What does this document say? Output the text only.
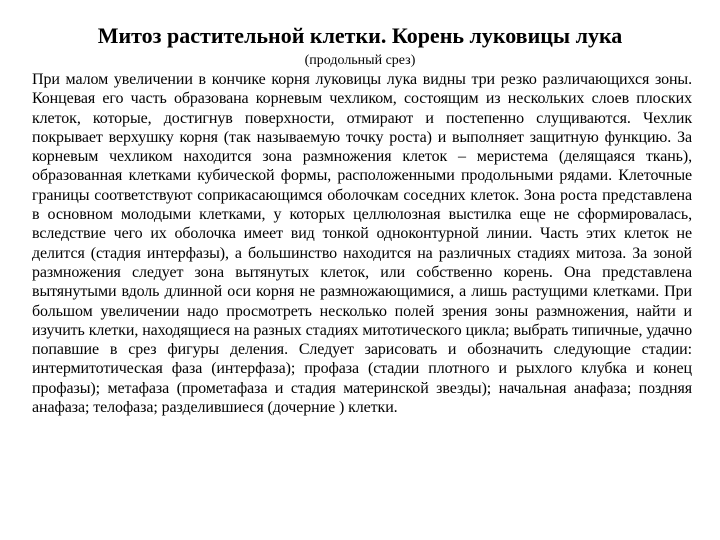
Митоз растительной клетки. Корень луковицы лука
(продольный срез)

При малом увеличении в кончике корня луковицы лука видны три резко различающихся зоны. Концевая его часть образована корневым чехликом, состоящим из нескольких слоев плоских клеток, которые, достигнув поверхности, отмирают и постепенно слущиваются. Чехлик покрывает верхушку корня (так называемую точку роста) и выполняет защитную функцию. За корневым чехликом находится зона размножения клеток – меристема (делящаяся ткань), образованная клетками кубической формы, расположенными продольными рядами. Клеточные границы соответствуют соприкасающимся оболочкам соседних клеток. Зона роста представлена в основном молодыми клетками, у которых целлюлозная выстилка еще не сформировалась, вследствие чего их оболочка имеет вид тонкой одноконтурной линии. Часть этих клеток не делится (стадия интерфазы), а большинство находится на различных стадиях митоза. За зоной размножения следует зона вытянутых клеток, или собственно корень. Она представлена вытянутыми вдоль длинной оси корня не размножающимися, а лишь растущими клетками. При большом увеличении надо просмотреть несколько полей зрения зоны размножения, найти и изучить клетки, находящиеся на разных стадиях митотического цикла; выбрать типичные, удачно попавшие в срез фигуры деления. Следует зарисовать и обозначить следующие стадии: интермитотическая фаза (интерфаза); профаза (стадии плотного и рыхлого клубка и конец профазы); метафаза (прометафаза и стадия материнской звезды); начальная анафаза; поздняя анафаза; телофаза; разделившиеся (дочерние ) клетки.
